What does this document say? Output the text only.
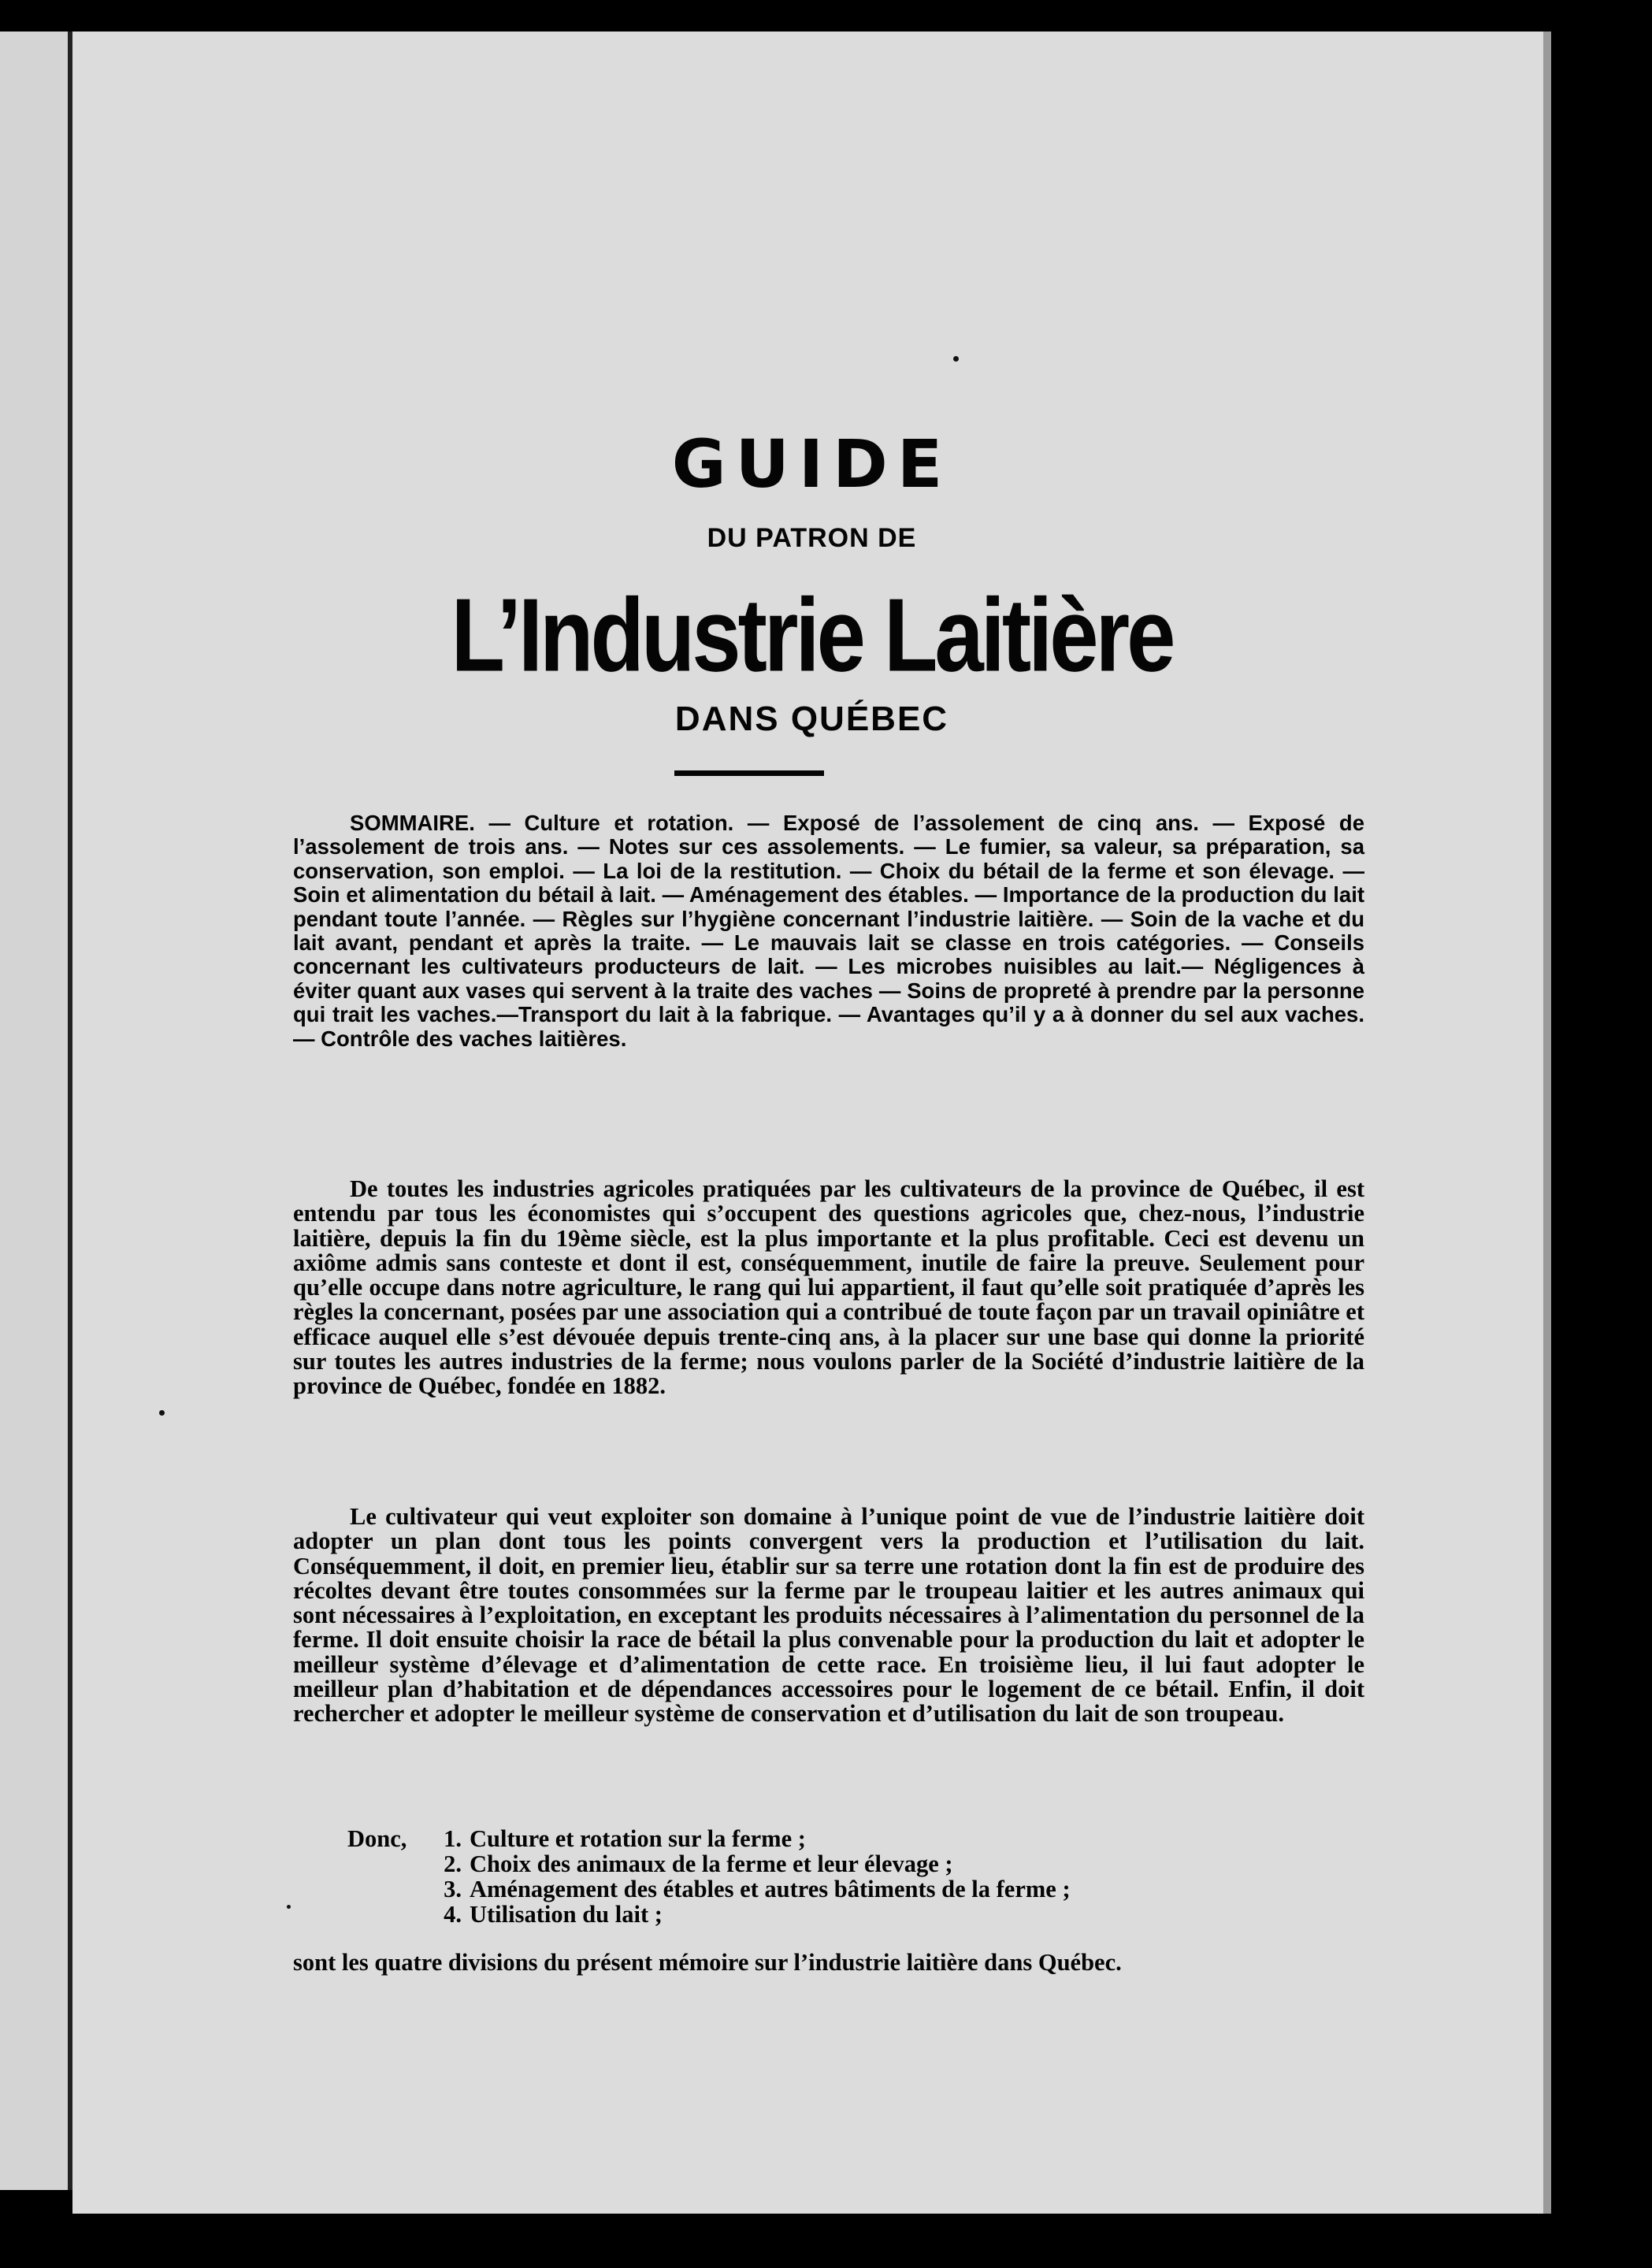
GUIDE
DU PATRON DE
L’Industrie Laitière
DANS QUÉBEC
SOMMAIRE. — Culture et rotation. — Exposé de l’assolement de cinq ans. — Exposé de l’assolement de trois ans. — Notes sur ces assolements. — Le fumier, sa valeur, sa préparation, sa conservation, son emploi. — La loi de la restitution. — Choix du bétail de la ferme et son élevage. — Soin et alimentation du bétail à lait. — Aménagement des étables. — Importance de la production du lait pendant toute l’année. — Règles sur l’hygiène concernant l’industrie laitière. — Soin de la vache et du lait avant, pendant et après la traite. — Le mauvais lait se classe en trois catégories. — Conseils concernant les cultivateurs producteurs de lait. — Les microbes nuisibles au lait.— Négligences à éviter quant aux vases qui servent à la traite des vaches — Soins de propreté à prendre par la personne qui trait les vaches.—Transport du lait à la fabrique. — Avantages qu’il y a à donner du sel aux vaches. — Contrôle des vaches laitières.
De toutes les industries agricoles pratiquées par les cultivateurs de la province de Québec, il est entendu par tous les économistes qui s’occupent des questions agricoles que, chez-nous, l’industrie laitière, depuis la fin du 19ème siècle, est la plus importante et la plus profitable. Ceci est devenu un axiôme admis sans conteste et dont il est, conséquemment, inutile de faire la preuve. Seulement pour qu’elle occupe dans notre agriculture, le rang qui lui appartient, il faut qu’elle soit pratiquée d’après les règles la concernant, posées par une association qui a contribué de toute façon par un travail opiniâtre et efficace auquel elle s’est dévouée depuis trente-cinq ans, à la placer sur une base qui donne la priorité sur toutes les autres industries de la ferme; nous voulons parler de la Société d’industrie laitière de la province de Québec, fondée en 1882.
Le cultivateur qui veut exploiter son domaine à l’unique point de vue de l’industrie laitière doit adopter un plan dont tous les points convergent vers la production et l’utilisation du lait. Conséquemment, il doit, en premier lieu, établir sur sa terre une rotation dont la fin est de produire des récoltes devant être toutes consommées sur la ferme par le troupeau laitier et les autres animaux qui sont nécessaires à l’exploitation, en exceptant les produits nécessaires à l’alimentation du personnel de la ferme. Il doit ensuite choisir la race de bétail la plus convenable pour la production du lait et adopter le meilleur système d’élevage et d’alimentation de cette race. En troisième lieu, il lui faut adopter le meilleur plan d’habitation et de dépendances accessoires pour le logement de ce bétail. Enfin, il doit rechercher et adopter le meilleur système de conservation et d’utilisation du lait de son troupeau.
Donc,	1. Culture et rotation sur la ferme ;
2. Choix des animaux de la ferme et leur élevage ;
3. Aménagement des étables et autres bâtiments de la ferme ;
4. Utilisation du lait ;
sont les quatre divisions du présent mémoire sur l’industrie laitière dans Québec.
